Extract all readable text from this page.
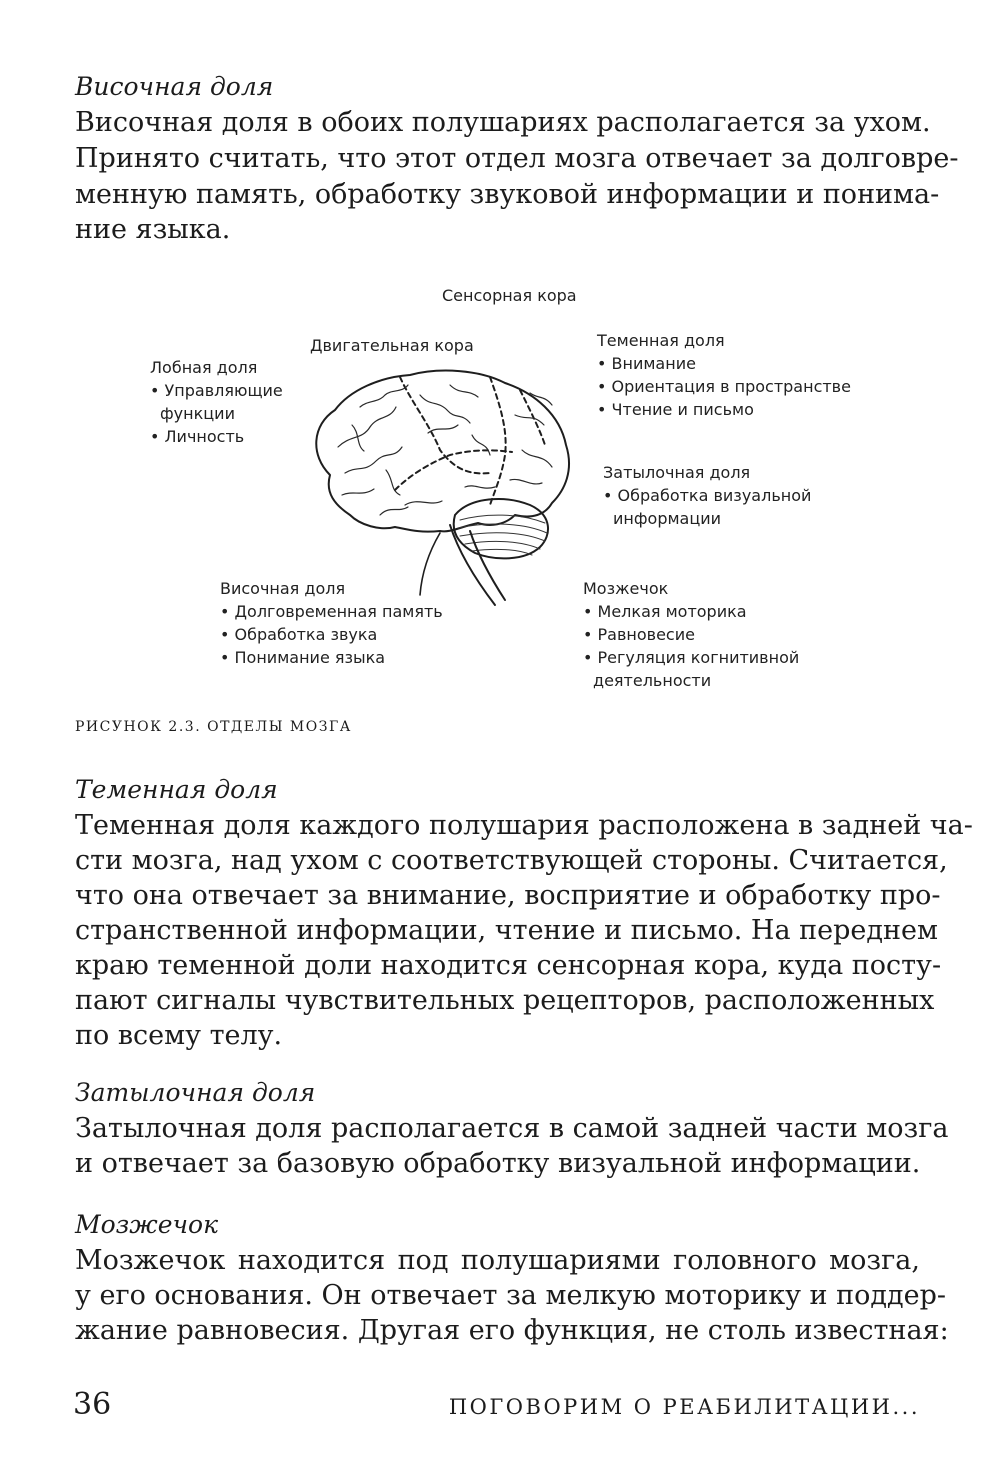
Височная доля
Височная доля в обоих полушариях располагается за ухом.
Принято считать, что этот отдел мозга отвечает за долговре-
менную память, обработку звуковой информации и понима-
ние языка.
Сенсорная кора
Двигательная кора
Лобная доля
• Управляющие
функции
• Личность
Теменная доля
• Внимание
• Ориентация в пространстве
• Чтение и письмо
Затылочная доля
• Обработка визуальной
информации
Височная доля
• Долговременная память
• Обработка звука
• Понимание языка
Мозжечок
• Мелкая моторика
• Равновесие
• Регуляция когнитивной
деятельности
РИСУНОК 2.3. ОТДЕЛЫ МОЗГА
Теменная доля
Теменная доля каждого полушария расположена в задней ча-
сти мозга, над ухом с соответствующей стороны. Считается,
что она отвечает за внимание, восприятие и обработку про-
странственной информации, чтение и письмо. На переднем
краю теменной доли находится сенсорная кора, куда посту-
пают сигналы чувствительных рецепторов, расположенных
по всему телу.
Затылочная доля
Затылочная доля располагается в самой задней части мозга
и отвечает за базовую обработку визуальной информации.
Мозжечок
Мозжечок находится под полушариями головного мозга,
у его основания. Он отвечает за мелкую моторику и поддер-
жание равновесия. Другая его функция, не столь известная:
36	ПОГОВОРИМ О РЕАБИЛИТАЦИИ...
